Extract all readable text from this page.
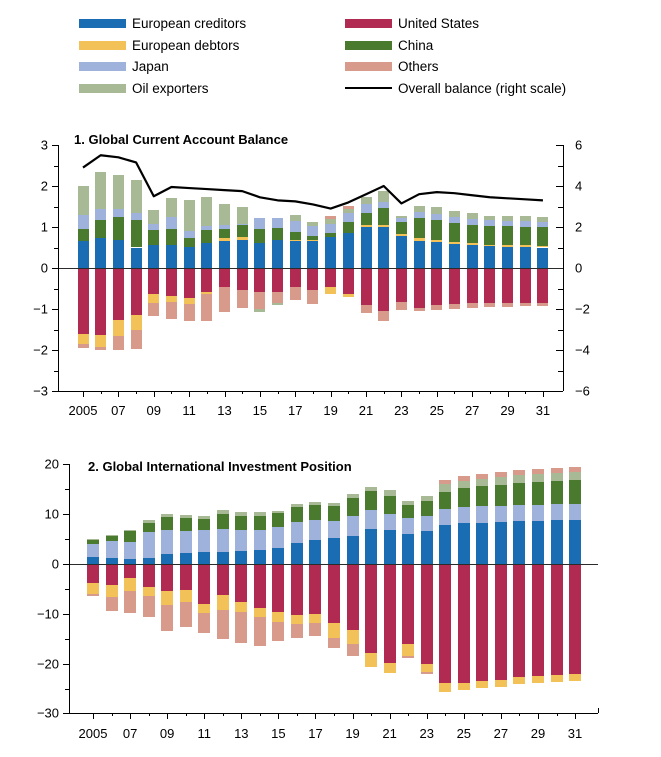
European creditors	United States
European debtors	China
Japan	Others
Oil exporters	Overall balance (right scale)
1. Global Current Account Balance
2. Global International Investment Position
3
2
1
0
−1
−2
−3
6
4
2
0
−2
−4
−6
2005	07	09	11	13	15	17	19	21	23	25	27	29	31
20
10
0
−10
−20
−30
2005	07	09	11	13	15	17	19	21	23	25	27	29	31
